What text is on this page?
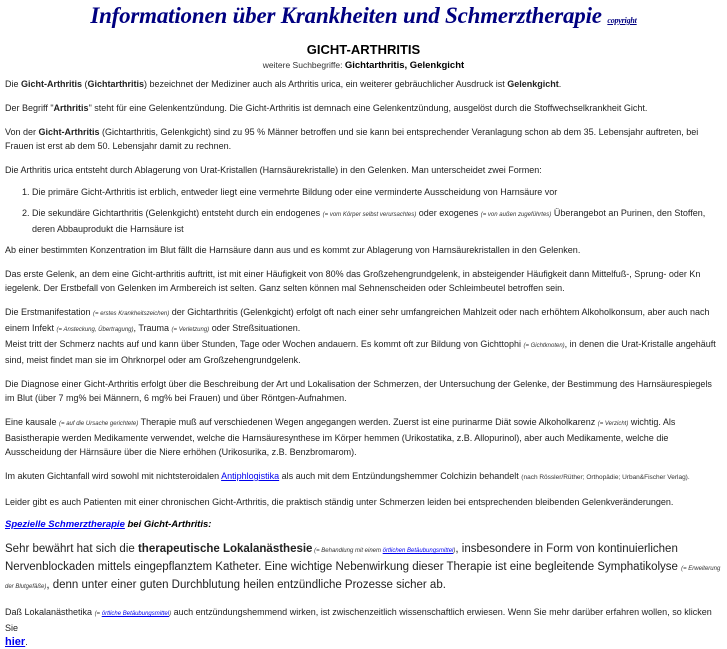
Informationen über Krankheiten und Schmerztherapie copyright
GICHT-ARTHRITIS
weitere Suchbegriffe: Gichtarthritis, Gelenkgicht

Die Gicht-Arthritis (Gichtarthritis) bezeichnet der Mediziner auch als Arthritis urica, ein weiterer gebräuchlicher Ausdruck ist Gelenkgicht.

Der Begriff "Arthritis" steht für eine Gelenkentzündung. Die Gicht-Arthritis ist demnach eine Gelenkentzündung, ausgelöst durch die Stoffwechselkrankheit Gicht.

Von der Gicht-Arthritis (Gichtarthritis, Gelenkgicht) sind zu 95 % Männer betroffen und sie kann bei entsprechender Veranlagung schon ab dem 35. Lebensjahr auftreten, bei Frauen ist erst ab dem 50. Lebensjahr damit zu rechnen.

Die Arthritis urica entsteht durch Ablagerung von Urat-Kristallen (Harnsäurekristalle) in den Gelenken. Man unterscheidet zwei Formen:

1. Die primäre Gicht-Arthritis ist erblich, entweder liegt eine vermehrte Bildung oder eine verminderte Ausscheidung von Harnsäure vor
2. Die sekundäre Gichtarthritis (Gelenkgicht) entsteht durch ein endogenes (= vom Körper selbst verursachtes) oder exogenes (= von außen zugeführtes) Überangebot an Purinen, den Stoffen, deren Abbauprodukt die Harnsäure ist

Ab einer bestimmten Konzentration im Blut fällt die Harnsäure dann aus und es kommt zur Ablagerung von Harnsäurekristallen in den Gelenken.

Das erste Gelenk, an dem eine Gicht-arthritis auftritt, ist mit einer Häufigkeit von 80% das Großzehengrundgelenk, in absteigender Häufigkeit dann Mittelfuß-, Sprung- oder Kn iegelenk. Der Erstbefall von Gelenken im Armbereich ist selten. Ganz selten können mal Sehnenscheiden oder Schleimbeutel betroffen sein.

Die Erstmanifestation (= erstes Krankheitszeichen) der Gichtarthritis (Gelenkgicht) erfolgt oft nach einer sehr umfangreichen Mahlzeit oder nach erhöhtem Alkoholkonsum, aber auch nach einem Infekt (= Ansteckung, Übertragung), Trauma (= Verletzung) oder Streßsituationen.
Meist tritt der Schmerz nachts auf und kann über Stunden, Tage oder Wochen andauern. Es kommt oft zur Bildung von Gichttophi (= Gichtknoten), in denen die Urat-Kristalle angehäuft sind, meist findet man sie im Ohrknorpel oder am Großzehengrundgelenk.

Die Diagnose einer Gicht-Arthritis erfolgt über die Beschreibung der Art und Lokalisation der Schmerzen, der Untersuchung der Gelenke, der Bestimmung des Harnsäurespiegels im Blut (über 7 mg% bei Männern, 6 mg% bei Frauen) und über Röntgen-Aufnahmen.

Eine kausale (= auf die Ursache gerichtete) Therapie muß auf verschiedenen Wegen angegangen werden. Zuerst ist eine purinarme Diät sowie Alkoholkarenz (= Verzicht) wichtig. Als Basistherapie werden Medikamente verwendet, welche die Harnsäuresynthese im Körper hemmen (Urikostatika, z.B. Allopurinol), aber auch Medikamente, welche die Ausscheidung der Härnsäure über die Niere erhöhen (Urikosurika, z.B. Benzbromarom).

Im akuten Gichtanfall wird sowohl mit nichtsteroidalen Antiphlogistika als auch mit dem Entzündungshemmer Colchizin behandelt (nach Rössler/Rüther; Orthopädie; Urban&Fischer Verlag).

Leider gibt es auch Patienten mit einer chronischen Gicht-Arthritis, die praktisch ständig unter Schmerzen leiden bei entsprechenden bleibenden Gelenkveränderungen.

Spezielle Schmerztherapie bei Gicht-Arthritis:

Sehr bewährt hat sich die therapeutische Lokalanästhesie (= Behandlung mit einem örtlichen Betäubungsmittel), insbesondere in Form von kontinuierlichen Nervenblockaden mittels eingepflanztem Katheter. Eine wichtige Nebenwirkung dieser Therapie ist eine begleitende Symphatikolyse (= Erweiterung der Blutgefäße), denn unter einer guten Durchblutung heilen entzündliche Prozesse sicher ab.

Daß Lokalanästhetika (= örtliche Betäubungsmittel) auch entzündungshemmend wirken, ist zwischenzeitlich wissenschaftlich erwiesen. Wenn Sie mehr darüber erfahren wollen, so klicken Sie
hier.
